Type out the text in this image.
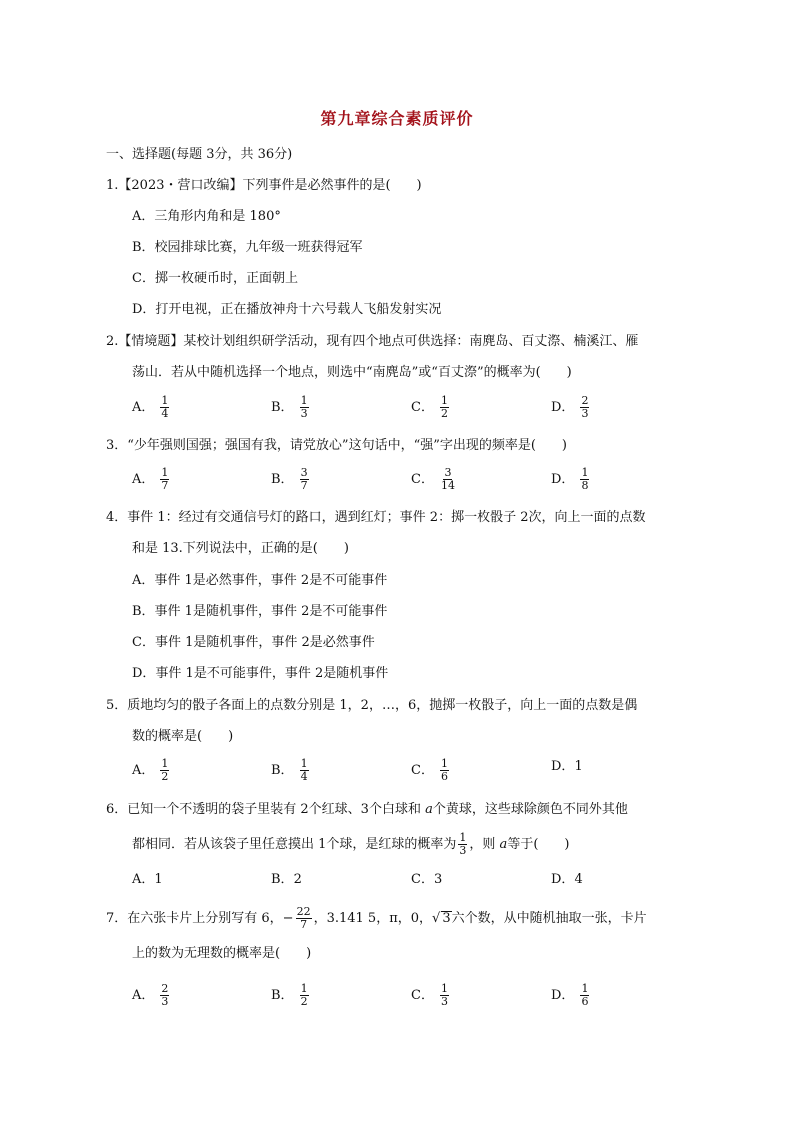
第九章综合素质评价
一、选择题(每题 3分，共 36分)
1.【2023・营口改编】下列事件是必然事件的是(　　)
A．三角形内角和是 180°
B．校园排球比赛，九年级一班获得冠军
C．掷一枚硬币时，正面朝上
D．打开电视，正在播放神舟十六号载人飞船发射实况
2.【情境题】某校计划组织研学活动，现有四个地点可供选择：南麂岛、百丈漈、楠溪江、雁
荡山．若从中随机选择一个地点，则选中“南麂岛”或“百丈漈”的概率为(　　)
A． $\frac{1}{4}$	B． $\frac{1}{3}$	C． $\frac{1}{2}$	D． $\frac{2}{3}$
3．“少年强则国强；强国有我，请党放心”这句话中，“强”字出现的频率是(　　)
A． $\frac{1}{7}$	B． $\frac{3}{7}$	C． $\frac{3}{14}$	D． $\frac{1}{8}$
4．事件 1：经过有交通信号灯的路口，遇到红灯；事件 2：掷一枚骰子 2次，向上一面的点数
和是 13.下列说法中，正确的是(　　)
A．事件 1是必然事件，事件 2是不可能事件
B．事件 1是随机事件，事件 2是不可能事件
C．事件 1是随机事件，事件 2是必然事件
D．事件 1是不可能事件，事件 2是随机事件
5．质地均匀的骰子各面上的点数分别是 1，2，…，6，抛掷一枚骰子，向上一面的点数是偶
数的概率是(　　)
A． $\frac{1}{2}$	B． $\frac{1}{4}$	C． $\frac{1}{6}$	D． 1
6．已知一个不透明的袋子里装有 2个红球、3个白球和 a个黄球，这些球除颜色不同外其他
都相同．若从该袋子里任意摸出 1个球，是红球的概率为 $\frac{1}{3}$ ，则 a等于(　　)
A． 1	B． 2	C． 3	D． 4
7．在六张卡片上分别写有 6，− $\frac{22}{7}$ ，3.141 5，π，0，√ 3六个数，从中随机抽取一张，卡片
上的数为无理数的概率是(　　)
A． $\frac{2}{3}$	B． $\frac{1}{2}$	C． $\frac{1}{3}$	D． $\frac{1}{6}$
